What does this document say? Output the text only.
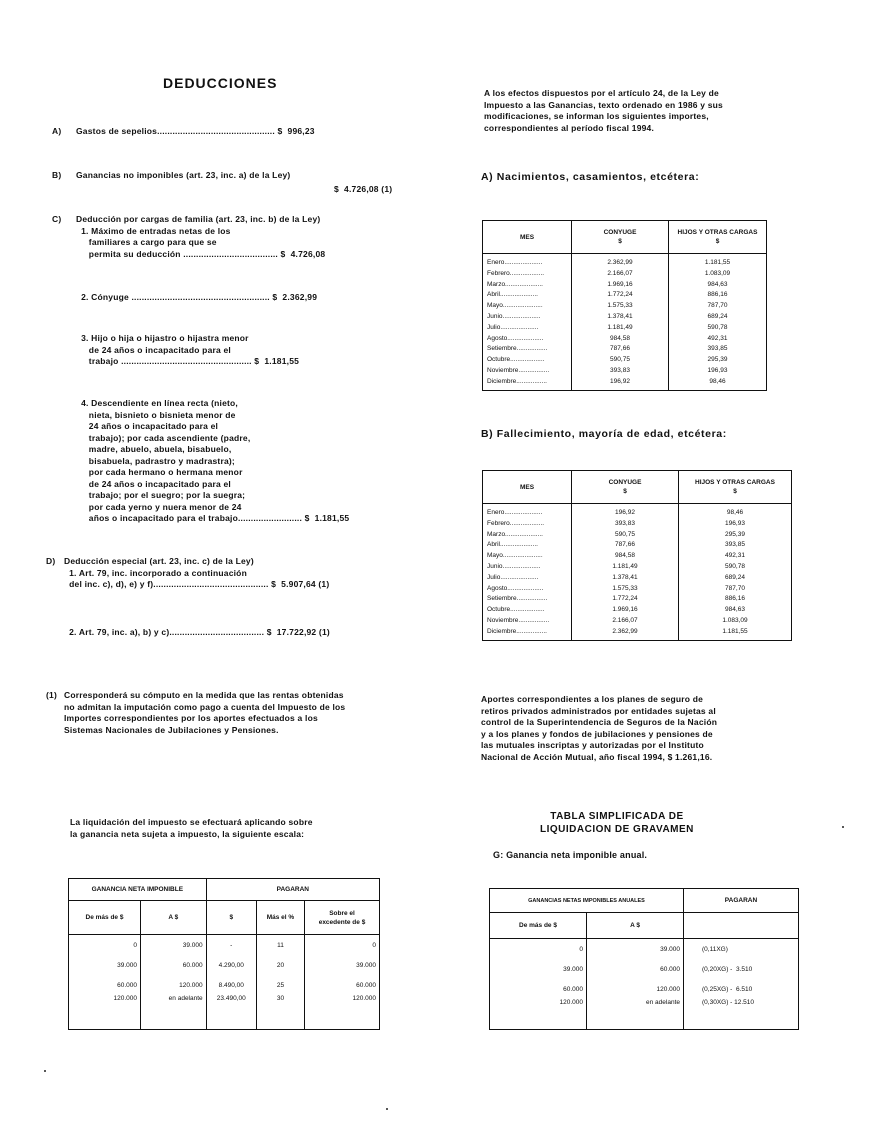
DEDUCCIONES
A) Gastos de sepelios.............................................. $  996,23
B) Ganancias no imponibles (art. 23, inc. a) de la Ley)
$  4.726,08 (1)
C) Deducción por cargas de familia (art. 23, inc. b) de la Ley)
1. Máximo de entradas netas de los
familiares a cargo para que se
permita su deducción ..................................... $  4.726,08
2. Cónyuge ...................................................... $  2.362,99
3. Hijo o hija o hijastro o hijastra menor
de 24 años o incapacitado para el
trabajo ................................................... $  1.181,55
4. Descendiente en línea recta (nieto,
nieta, bisnieto o bisnieta menor de
24 años o incapacitado para el
trabajo); por cada ascendiente (padre,
madre, abuelo, abuela, bisabuelo,
bisabuela, padrastro y madrastra);
por cada hermano o hermana menor
de 24 años o incapacitado para el
trabajo; por el suegro; por la suegra;
por cada yerno y nuera menor de 24
años o incapacitado para el trabajo......................... $  1.181,55
D) Deducción especial (art. 23, inc. c) de la Ley)
1. Art. 79, inc. incorporado a continuación
del inc. c), d), e) y f)............................................. $  5.907,64 (1)
2. Art. 79, inc. a), b) y c)..................................... $  17.722,92 (1)
(1) Corresponderá su cómputo en la medida que las rentas obtenidas
no admitan la imputación como pago a cuenta del Impuesto de los
Importes correspondientes por los aportes efectuados a los
Sistemas Nacionales de Jubilaciones y Pensiones.
La liquidación del impuesto se efectuará aplicando sobre
la ganancia neta sujeta a impuesto, la siguiente escala:
GANANCIA NETA IMPONIBLE		PAGARAN		
De más de $	A $	$	Más el %	Sobre el
excedente de $
0	39.000	-	11	0
39.000	60.000	4.290,00	20	39.000
60.000	120.000	8.490,00	25	60.000
120.000	en adelante	23.490,00	30	120.000
A los efectos dispuestos por el artículo 24, de la Ley de
Impuesto a las Ganancias, texto ordenado en 1986 y sus
modificaciones, se informan los siguientes importes,
correspondientes al período fiscal 1994.
A) Nacimientos, casamientos, etcétera:
MES	CONYUGE
$	HIJOS Y OTRAS CARGAS
$
Enero.....................	2.362,99	1.181,55
Febrero...................	2.166,07	1.083,09
Marzo.....................	1.969,16	984,63
Abril.....................	1.772,24	886,16
Mayo......................	1.575,33	787,70
Junio.....................	1.378,41	689,24
Julio.....................	1.181,49	590,78
Agosto....................	984,58	492,31
Setiembre.................	787,66	393,85
Octubre...................	590,75	295,39
Noviembre.................	393,83	196,93
Diciembre.................	196,92	98,46
B) Fallecimiento, mayoría de edad, etcétera:
MES	CONYUGE
$	HIJOS Y OTRAS CARGAS
$
Enero.....................	196,92	98,46
Febrero...................	393,83	196,93
Marzo.....................	590,75	295,39
Abril.....................	787,66	393,85
Mayo......................	984,58	492,31
Junio.....................	1.181,49	590,78
Julio.....................	1.378,41	689,24
Agosto....................	1.575,33	787,70
Setiembre.................	1.772,24	886,16
Octubre...................	1.969,16	984,63
Noviembre.................	2.166,07	1.083,09
Diciembre.................	2.362,99	1.181,55
Aportes correspondientes a los planes de seguro de
retiros privados administrados por entidades sujetas al
control de la Superintendencia de Seguros de la Nación
y a los planes y fondos de jubilaciones y pensiones de
las mutuales inscriptas y autorizadas por el Instituto
Nacional de Acción Mutual, año fiscal 1994, $ 1.261,16.
TABLA SIMPLIFICADA DE
LIQUIDACION DE GRAVAMEN
G: Ganancia neta imponible anual.
GANANCIAS NETAS IMPONIBLES ANUALES		PAGARAN
De más de $	A $	
0	39.000	(0,11XG)
39.000	60.000	(0,20XG) -  3.510
60.000	120.000	(0,25XG) -  6.510
120.000	en adelante	(0,30XG) - 12.510
